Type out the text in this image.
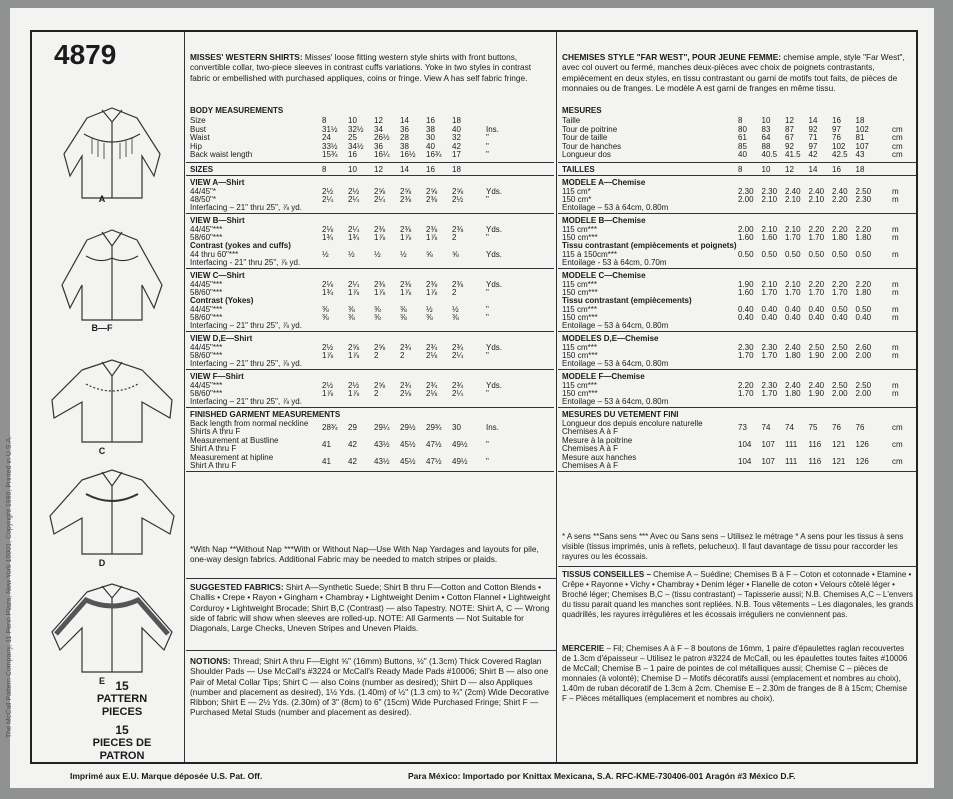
The McCall Pattern Company, 11 Penn Plaza, New York 10001, Copyright 1990, Printed in U.S.A.
4879
A
B—F
C
D
E 15
PATTERN PIECES
15
PIECES DE PATRON
MISSES' WESTERN SHIRTS: Misses' loose fitting western style shirts with front buttons, convertible collar, two-piece sleeves in contrast cuffs variations. Yoke in two styles in contrast fabric or embellished with purchased appliques, coins or fringe. View A has self fabric fringe.
BODY MEASUREMENTS
Size	8	10 12 14 16 18
Bust	31½ 32½ 34 36 38 40	Ins.
Waist	24 25 26½ 28 30 32	"
Hip	33½ 34½ 36 38 40 42	"
Back waist length	15¾ 16 16¼ 16½ 16¾ 17	"
SIZES	8	10 12 14 16 18
VIEW A—Shirt
44/45"*	2½ 2½ 2⅝ 2⅝ 2⅝ 2⅝	Yds.
48/50"*	2¼ 2¼ 2¼ 2⅜ 2⅜ 2½	"
Interfacing – 21" thru 25", ⅞ yd.
VIEW B—Shirt
44/45"***	2⅛ 2¼ 2⅜ 2⅜ 2⅜ 2⅜	Yds.
58/60"***	1¾ 1¾ 1⅞ 1⅞ 1⅞ 2	"
Contrast (yokes and cuffs)
44 thru 60"***	½ ½ ½ ½ ⅝ ⅝	Yds.
Interfacing - 21" thru 25", ⅞ yd.
VIEW C—Shirt
44/45"***	2⅛ 2¼ 2⅜ 2⅜ 2⅜ 2⅜	Yds.
58/60"***	1¾ 1⅞ 1⅞ 1⅞ 1⅞ 2	"
Contrast (Yokes)
44/45"***	⅜ ⅜ ⅜ ⅜ ½ ½	"
58/60"***	⅜ ⅜ ⅜ ⅜ ⅜ ⅜	"
Interfacing – 21" thru 25", ⅞ yd.
VIEW D,E—Shirt
44/45"***	2½ 2⅝ 2⅝ 2¾ 2¾ 2¾	Yds.
58/60"***	1⅞ 1⅞ 2	2	2⅛ 2¼	"
Interfacing – 21" thru 25", ⅞ yd.
VIEW F—Shirt
44/45"***	2½ 2½ 2⅝ 2¾ 2¾ 2¾	Yds.
58/60"***	1⅞ 1⅞ 2	2⅛ 2⅛ 2¼	"
Interfacing – 21" thru 25", ⅞ yd.
FINISHED GARMENT MEASUREMENTS
Back length from normal neckline
Shirts A thru F	28¾ 29 29¼ 29½ 29¾ 30	Ins.
Measurement at Bustline
Shirt A thru F	41 42 43½ 45½ 47½ 49½ "
Measurement at hipline
Shirt A thru F	41 42 43½ 45½ 47½ 49½ "
CHEMISES STYLE "FAR WEST", POUR JEUNE FEMME: chemise ample, style "Far West", avec col ouvert ou fermé, manches deux-pièces avec choix de poignets contrastants, empiècement en deux styles, en tissu contrastant ou garni de motifs tout faits, de pièces de monnaies ou de franges. Le modèle A est garni de franges en même tissu.
MESURES
Taille	8 10 12 14 16 18
Tour de poitrine	80 83 87 92 97 102	cm
Tour de taille	61 64 67 71 76 81	cm
Tour de hanches	85 88 92 97 102 107	cm
Longueur dos	40 40.5 41.5 42 42.5 43	cm
TAILLES	8 10 12 14 16 18
MODELE A—Chemise
115 cm*	2.30 2.30 2.40 2.40 2.40 2.50	m
150 cm*	2.00 2.10 2.10 2.10 2.20 2.30	m
Entoilage – 53 à 64cm, 0.80m
MODELE B—Chemise
115 cm***	2.00 2.10 2.10 2.20 2.20 2.20	m
150 cm***	1.60 1.60 1.70 1.70 1.80 1.80	m
Tissu contrastant (empiècements et poignets)
115 à 150cm***	0.50 0.50 0.50 0.50 0.50 0.50	m
Entoilage - 53 à 64cm, 0.70m
MODELE C—Chemise
115 cm***	1.90 2.10 2.10 2.20 2.20 2.20	m
150 cm***	1.60 1.70 1.70 1.70 1.70 1.80	m
Tissu contrastant (empiècements)
115 cm***	0.40 0.40 0.40 0.40 0.50 0.50	m
150 cm***	0.40 0.40 0.40 0.40 0.40 0.40	m
Entoilage – 53 à 64cm, 0.80m
MODELES D,E—Chemise
115 cm***	2.30 2.30 2.40 2.50 2.50 2.60	m
150 cm***	1.70 1.70 1.80 1.90 2.00 2.00	m
Entoilage – 53 à 64cm, 0.80m
MODELE F—Chemise
115 cm***	2.20 2.30 2.40 2.40 2.50 2.50	m
150 cm***	1.70 1.70 1.80 1.90 2.00 2.00	m
Entoilage – 53 à 64cm, 0.80m
MESURES DU VETEMENT FINI
Longueur dos depuis encolure naturelle
Chemises A à F	73 74 74 75 76 76	cm
Mesure à la poitrine
Chemises A à F	104 107 111 116 121 126	cm
Mesure aux hanches
Chemises A à F	104 107 111 116 121 126	cm
*With Nap **Without Nap ***With or Without Nap—Use With Nap Yardages and layouts for pile, one-way design fabrics. Additional Fabric may be needed to match stripes or plaids.
SUGGESTED FABRICS: Shirt A—Synthetic Suede; Shirt B thru F—Cotton and Cotton Blends • Challis • Crepe • Rayon • Gingham • Chambray • Lightweight Denim • Cotton Flannel • Lightweight Corduroy • Lightweight Brocade; Shirt B,C (Contrast) — also Tapestry. NOTE: Shirt A, C — Wrong side of fabric will show when sleeves are rolled-up. NOTE: All Garments — Not Suitable for Diagonals, Large Checks, Uneven Stripes and Uneven Plaids.
NOTIONS: Thread; Shirt A thru F—Eight ⅝" (16mm) Buttons, ½" (1.3cm) Thick Covered Raglan Shoulder Pads — Use McCall's #3224 or McCall's Ready Made Pads #10006; Shirt B — also one Pair of Metal Collar Tips; Shirt C — also Coins (number as desired); Shirt D — also Appliques (number and placement as desired), 1½ Yds. (1.40m) of ½" (1.3 cm) to ¾" (2cm) Wide Decorative Ribbon; Shirt E — 2½ Yds. (2.30m) of 3" (8cm) to 6" (15cm) Wide Purchased Fringe; Shirt F — Purchased Metal Studs (number and placement as desired).
* A sens **Sans sens *** Avec ou Sans sens – Utilisez le métrage * A sens pour les tissus à sens visible (tissus imprimés, unis à reflets, pelucheux). Il faut davantage de tissu pour raccorder les rayures ou les écossais.
TISSUS CONSEILLES – Chemise A – Suédine; Chemises B à F – Coton et cotonnade • Etamine • Crêpe • Rayonne • Vichy • Chambray • Denim léger • Flanelle de coton • Velours côtelé léger • Broché léger; Chemises B,C – (tissu contrastant) – Tapisserie aussi; N.B. Chemises A,C – L'envers du tissu parait quand les manches sont repliées. N.B. Tous vêtements – Les diagonales, les grands quadrillés, les rayures irrégulières et les écossais irréguliers ne conviennent pas.
MERCERIE – Fil; Chemises A à F – 8 boutons de 16mm, 1 paire d'épaulettes raglan recouvertes de 1.3cm d'épaisseur – Utilisez le patron #3224 de McCall, ou les épaulettes toutes faites #10006 de McCall; Chemise B – 1 paire de pointes de col métalliques aussi; Chemise C – pièces de monnaies (à volonté); Chemise D – Motifs décoratifs aussi (emplacement et nombres au choix), 1.40m de ruban décoratif de 1.3cm à 2cm. Chemise E – 2.30m de franges de 8 à 15cm; Chemise F – Pièces métalliques (emplacement et nombres au choix).
Imprimé aux E.U. Marque déposée U.S. Pat. Off.	Para México: Importado por Knittax Mexicana, S.A. RFC-KME-730406-001 Aragón #3 México D.F.
